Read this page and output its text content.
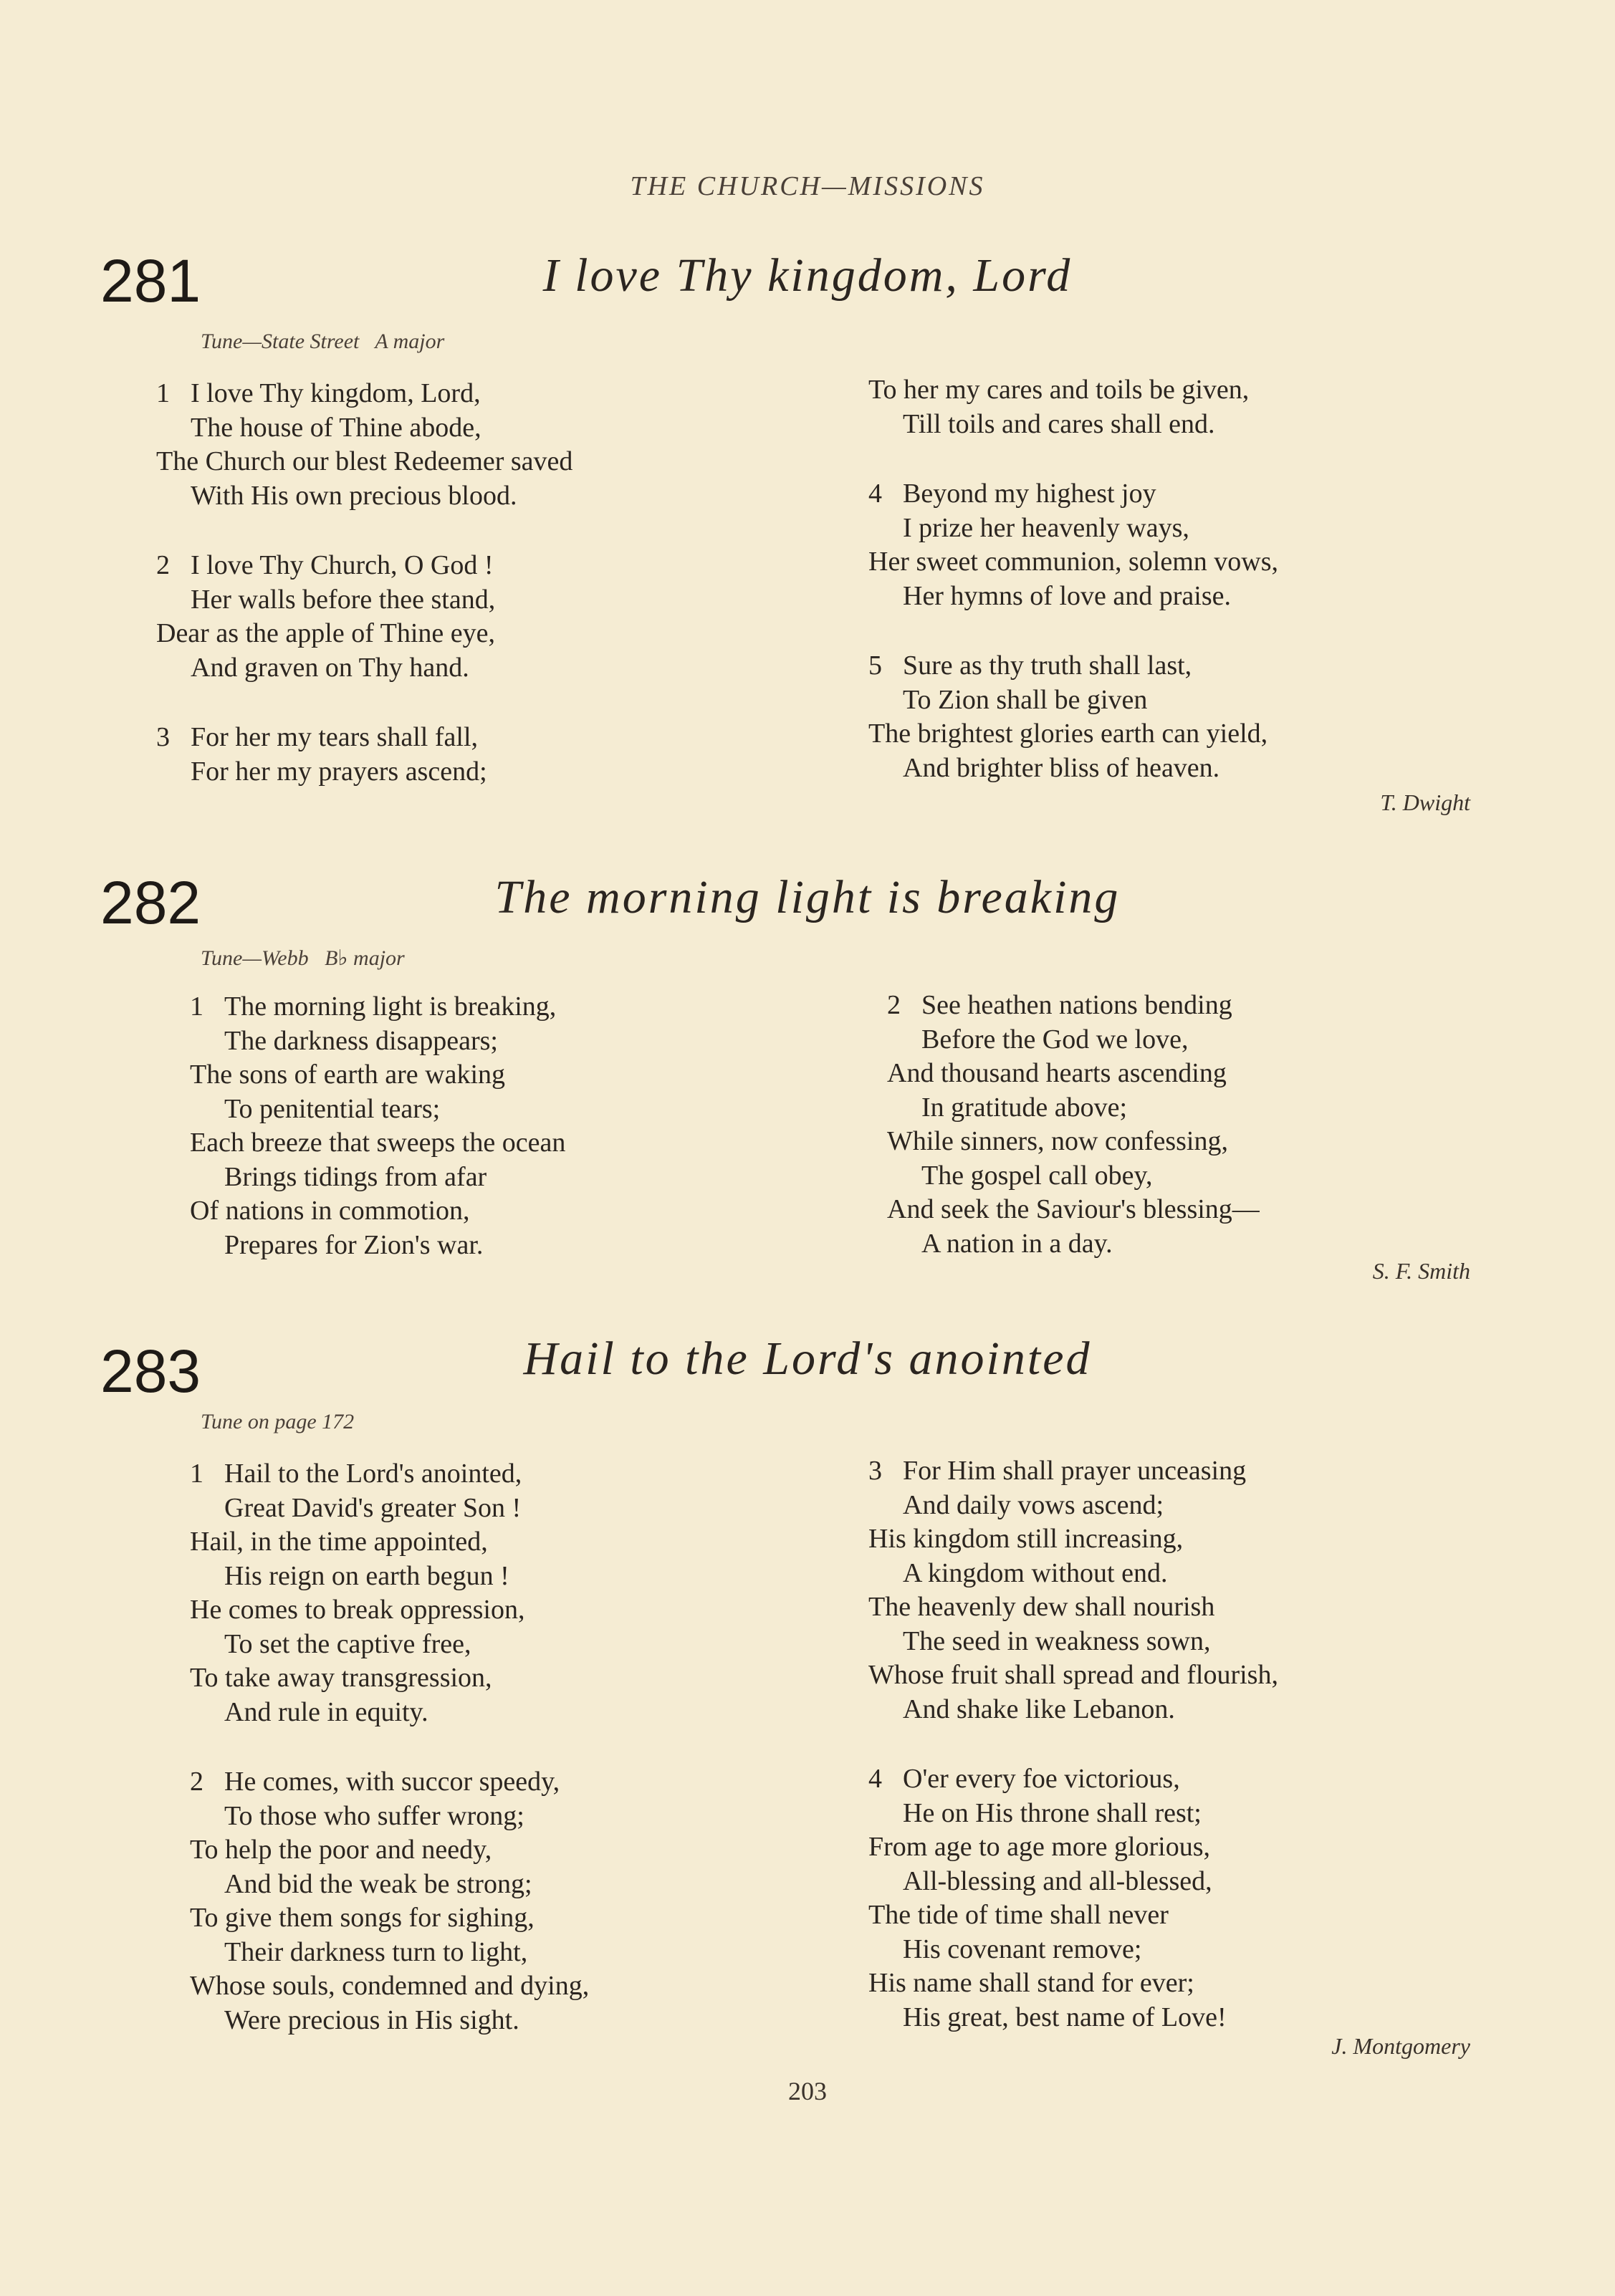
THE CHURCH—MISSIONS
281	I love Thy kingdom, Lord
Tune—State Street   A major
1 I love Thy kingdom, Lord,
The house of Thine abode,
The Church our blest Redeemer saved
With His own precious blood.
2 I love Thy Church, O God !
Her walls before thee stand,
Dear as the apple of Thine eye,
And graven on Thy hand.
3 For her my tears shall fall,
For her my prayers ascend;
To her my cares and toils be given,
Till toils and cares shall end.
4 Beyond my highest joy
I prize her heavenly ways,
Her sweet communion, solemn vows,
Her hymns of love and praise.
5 Sure as thy truth shall last,
To Zion shall be given
The brightest glories earth can yield,
And brighter bliss of heaven.
T. Dwight
282	The morning light is breaking
Tune—Webb   B♭ major
1 The morning light is breaking,
The darkness disappears;
The sons of earth are waking
To penitential tears;
Each breeze that sweeps the ocean
Brings tidings from afar
Of nations in commotion,
Prepares for Zion's war.
2 See heathen nations bending
Before the God we love,
And thousand hearts ascending
In gratitude above;
While sinners, now confessing,
The gospel call obey,
And seek the Saviour's blessing—
A nation in a day.
S. F. Smith
283	Hail to the Lord's anointed
Tune on page 172
1 Hail to the Lord's anointed,
Great David's greater Son !
Hail, in the time appointed,
His reign on earth begun !
He comes to break oppression,
To set the captive free,
To take away transgression,
And rule in equity.
2 He comes, with succor speedy,
To those who suffer wrong;
To help the poor and needy,
And bid the weak be strong;
To give them songs for sighing,
Their darkness turn to light,
Whose souls, condemned and dying,
Were precious in His sight.
3 For Him shall prayer unceasing
And daily vows ascend;
His kingdom still increasing,
A kingdom without end.
The heavenly dew shall nourish
The seed in weakness sown,
Whose fruit shall spread and flourish,
And shake like Lebanon.
4 O'er every foe victorious,
He on His throne shall rest;
From age to age more glorious,
All-blessing and all-blessed,
The tide of time shall never
His covenant remove;
His name shall stand for ever;
His great, best name of Love!
J. Montgomery
203
